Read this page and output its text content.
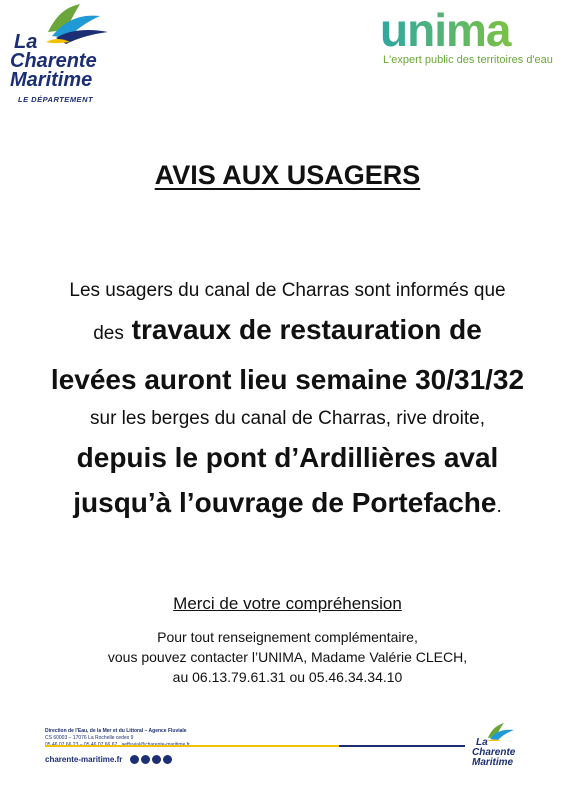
La
Charente
Maritime
LE DÉPARTEMENT
unima
L'expert public des territoires d'eau
AVIS AUX USAGERS
Les usagers du canal de Charras sont informés que
des travaux de restauration de
levées auront lieu semaine 30/31/32
sur les berges du canal de Charras, rive droite,
depuis le pont d’Ardillières aval
jusqu’à l’ouvrage de Portefache.
Merci de votre compréhension
Pour tout renseignement complémentaire,
vous pouvez contacter l’UNIMA, Madame Valérie CLECH,
au 06.13.79.61.31 ou 05.46.34.34.10
Direction de l'Eau, de la Mer et du Littoral – Agence Fluviale
CS 60003 – 17076 La Rochelle cedex 9

charente-maritime.fr
La
Charente
Maritime
